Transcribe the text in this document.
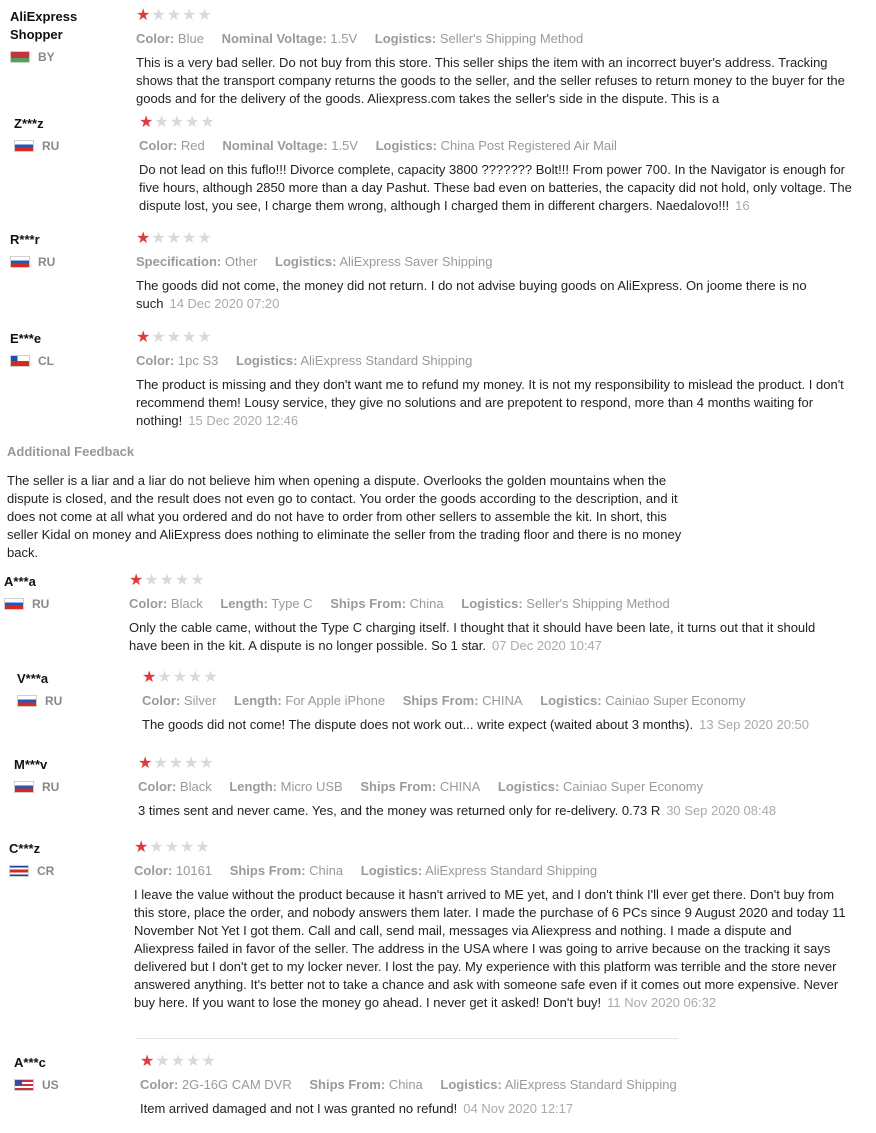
AliExpress Shopper
BY
★★★★★
Color: Blue Nominal Voltage: 1.5V Logistics: Seller's Shipping Method
This is a very bad seller. Do not buy from this store. This seller ships the item with an incorrect buyer's address. Tracking shows that the transport company returns the goods to the seller, and the seller refuses to return money to the buyer for the goods and for the delivery of the goods. Aliexpress.com takes the seller's side in the dispute. This is a
Z***z
RU
★★★★★
Color: Red Nominal Voltage: 1.5V Logistics: China Post Registered Air Mail
Do not lead on this fuflo!!! Divorce complete, capacity 3800 ??????? Bolt!!! From power 700. In the Navigator is enough for five hours, although 2850 more than a day Pashut. These bad even on batteries, the capacity did not hold, only voltage. The dispute lost, you see, I charge them wrong, although I charged them in different chargers. Naedalovo!!! 16
R***r
RU
★★★★★
Specification: Other Logistics: AliExpress Saver Shipping
The goods did not come, the money did not return. I do not advise buying goods on AliExpress. On joome there is no such 14 Dec 2020 07:20
E***e
CL
★★★★★
Color: 1pc S3 Logistics: AliExpress Standard Shipping
The product is missing and they don't want me to refund my money. It is not my responsibility to mislead the product. I don't recommend them! Lousy service, they give no solutions and are prepotent to respond, more than 4 months waiting for nothing! 15 Dec 2020 12:46
Additional Feedback
The seller is a liar and a liar do not believe him when opening a dispute. Overlooks the golden mountains when the dispute is closed, and the result does not even go to contact. You order the goods according to the description, and it does not come at all what you ordered and do not have to order from other sellers to assemble the kit. In short, this seller Kidal on money and AliExpress does nothing to eliminate the seller from the trading floor and there is no money back.
A***a
RU
★★★★★
Color: Black Length: Type C Ships From: China Logistics: Seller's Shipping Method
Only the cable came, without the Type C charging itself. I thought that it should have been late, it turns out that it should have been in the kit. A dispute is no longer possible. So 1 star. 07 Dec 2020 10:47
V***a
RU
★★★★★
Color: Silver Length: For Apple iPhone Ships From: CHINA Logistics: Cainiao Super Economy
The goods did not come! The dispute does not work out... write expect (waited about 3 months). 13 Sep 2020 20:50
M***v
RU
★★★★★
Color: Black Length: Micro USB Ships From: CHINA Logistics: Cainiao Super Economy
3 times sent and never came. Yes, and the money was returned only for re-delivery. 0.73 R 30 Sep 2020 08:48
C***z
CR
★★★★★
Color: 10161 Ships From: China Logistics: AliExpress Standard Shipping
I leave the value without the product because it hasn't arrived to ME yet, and I don't think I'll ever get there. Don't buy from this store, place the order, and nobody answers them later. I made the purchase of 6 PCs since 9 August 2020 and today 11 November Not Yet I got them. Call and call, send mail, messages via Aliexpress and nothing. I made a dispute and Aliexpress failed in favor of the seller. The address in the USA where I was going to arrive because on the tracking it says delivered but I don't get to my locker never. I lost the pay. My experience with this platform was terrible and the store never answered anything. It's better not to take a chance and ask with someone safe even if it comes out more expensive. Never buy here. If you want to lose the money go ahead. I never get it asked! Don't buy! 11 Nov 2020 06:32
A***c
US
★★★★★
Color: 2G-16G CAM DVR Ships From: China Logistics: AliExpress Standard Shipping
Item arrived damaged and not I was granted no refund! 04 Nov 2020 12:17
